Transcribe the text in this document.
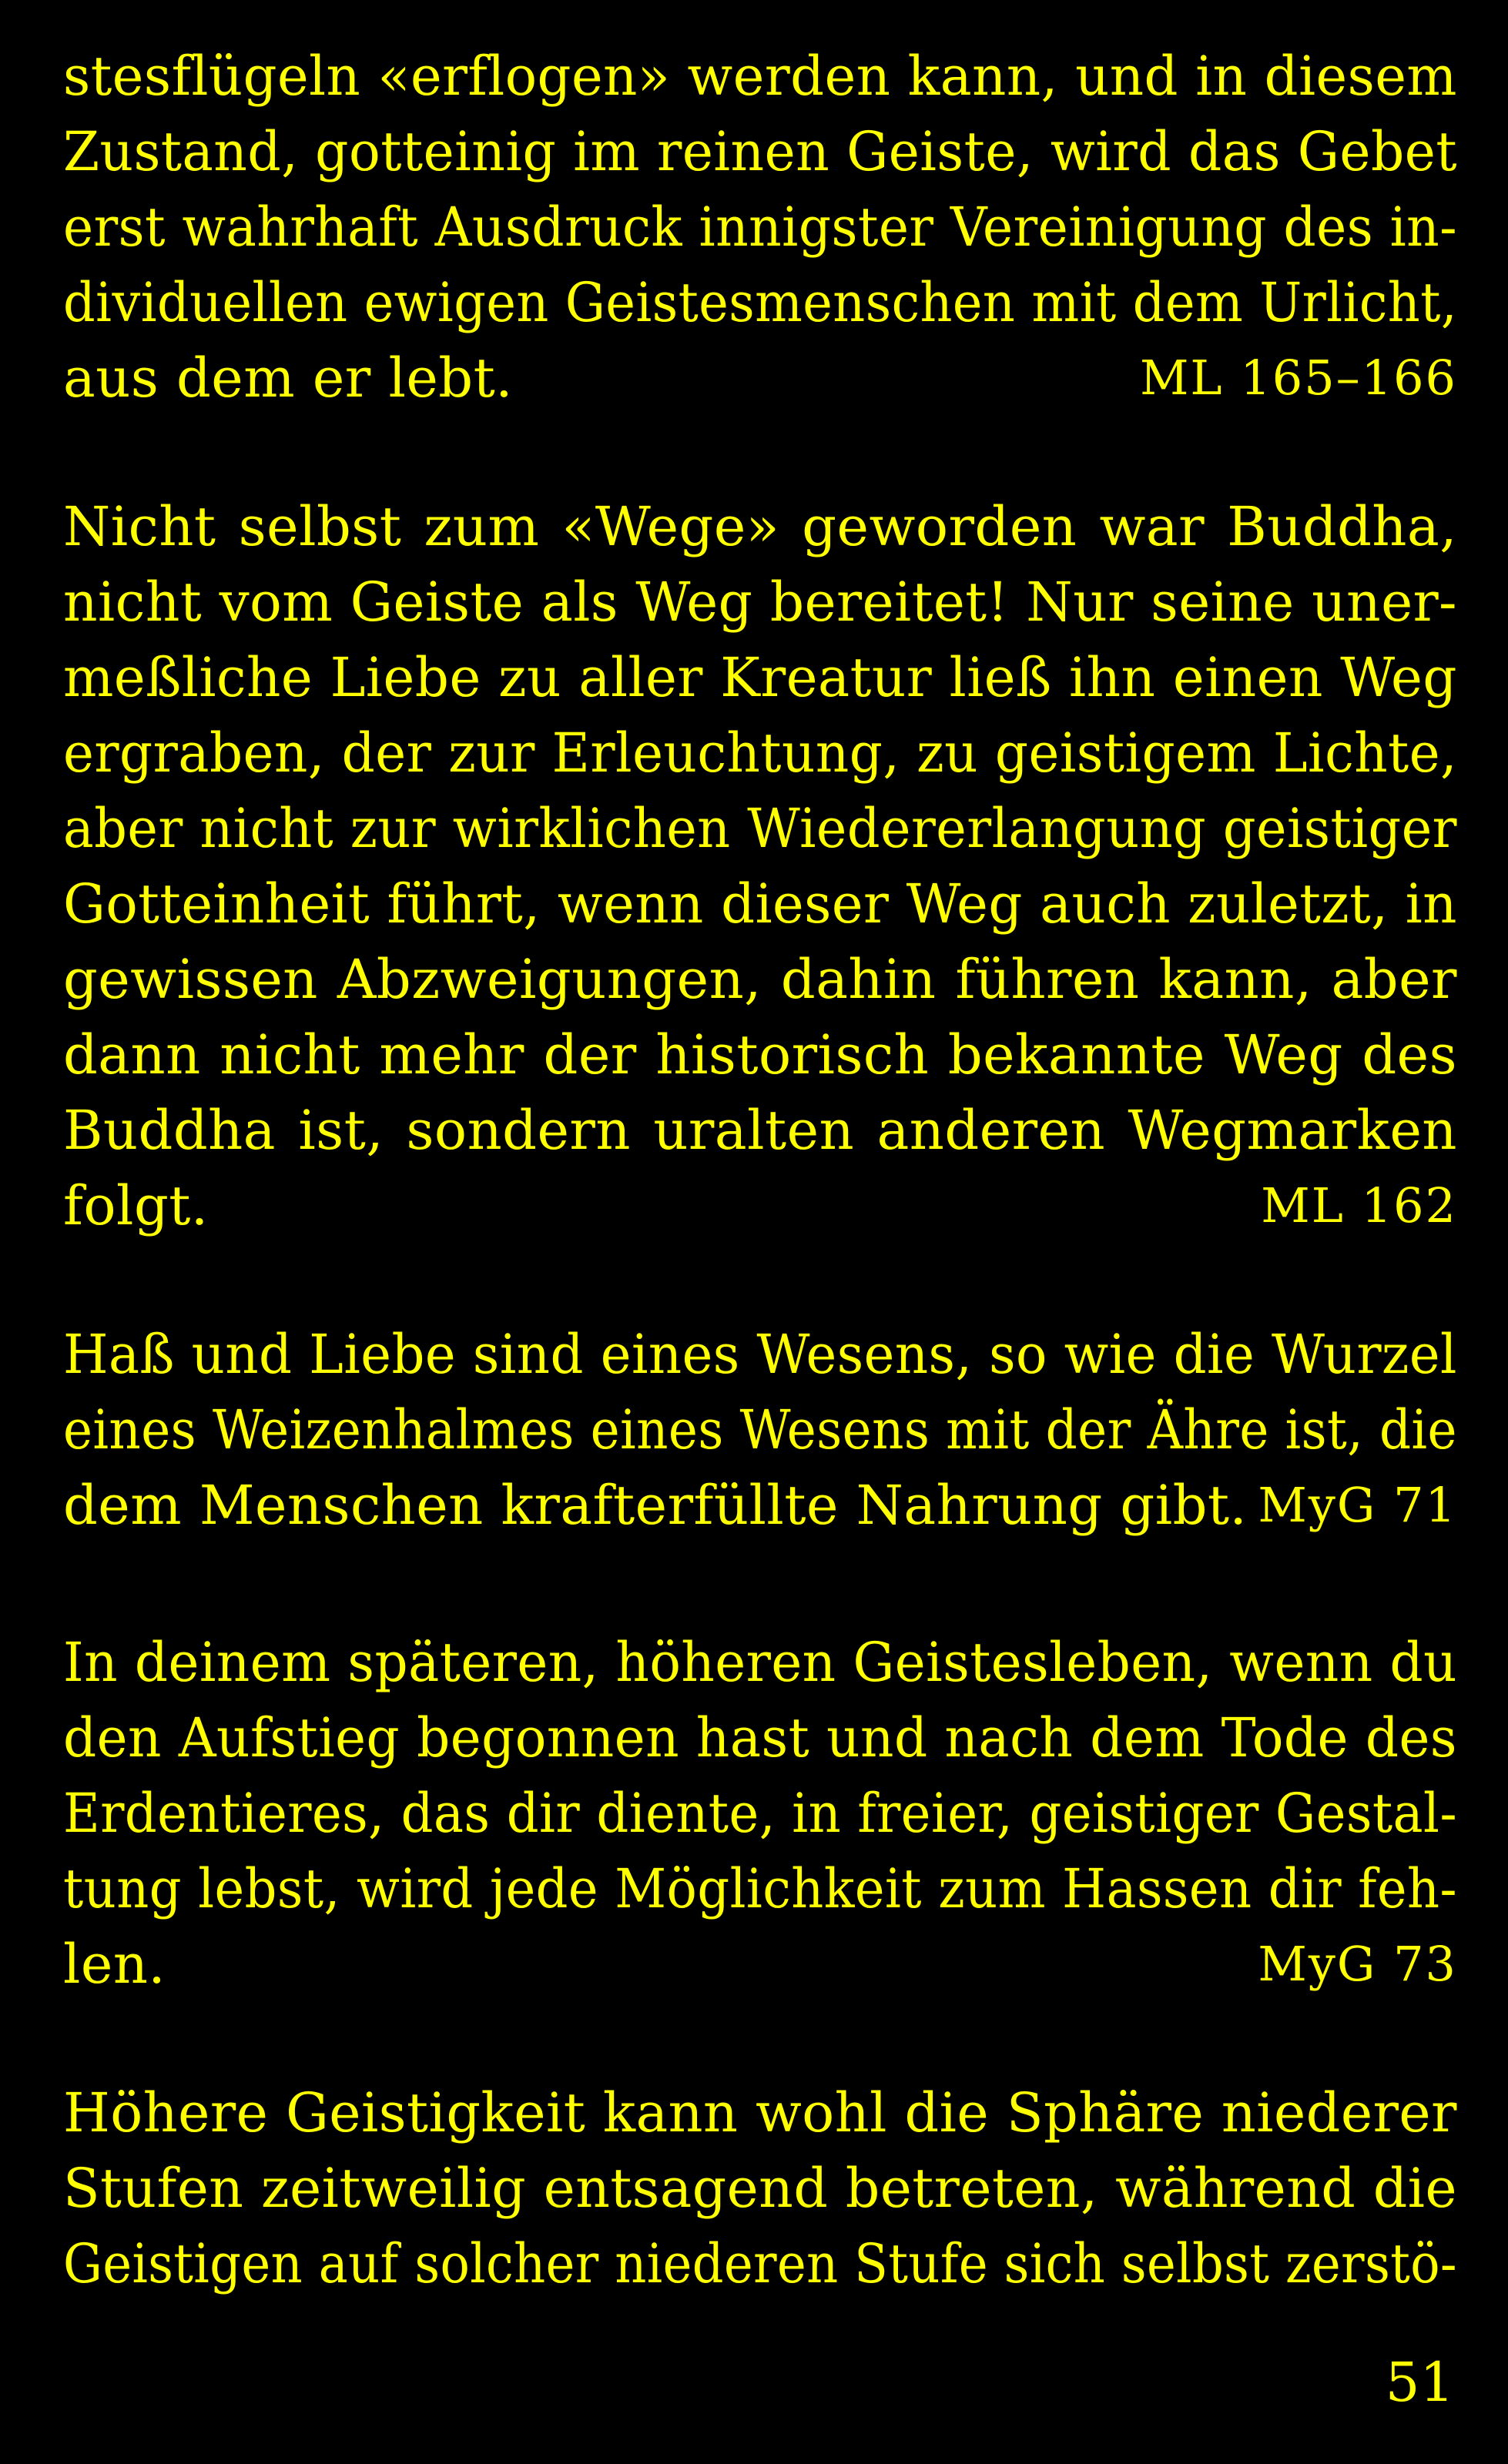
stesflügeln «erflogen» werden kann, und in diesem
Zustand, gotteinig im reinen Geiste, wird das Gebet
erst wahrhaft Ausdruck innigster Vereinigung des in-
dividuellen ewigen Geistesmenschen mit dem Urlicht,
aus dem er lebt.	ML 165–166
Nicht selbst zum «Wege» geworden war Buddha,
nicht vom Geiste als Weg bereitet! Nur seine uner-
meßliche Liebe zu aller Kreatur ließ ihn einen Weg
ergraben, der zur Erleuchtung, zu geistigem Lichte,
aber nicht zur wirklichen Wiedererlangung geistiger
Gotteinheit führt, wenn dieser Weg auch zuletzt, in
gewissen Abzweigungen, dahin führen kann, aber
dann nicht mehr der historisch bekannte Weg des
Buddha ist, sondern uralten anderen Wegmarken
folgt.	ML 162
Haß und Liebe sind eines Wesens, so wie die Wurzel
eines Weizenhalmes eines Wesens mit der Ähre ist, die
dem Menschen krafterfüllte Nahrung gibt. MyG 71
In deinem späteren, höheren Geistesleben, wenn du
den Aufstieg begonnen hast und nach dem Tode des
Erdentieres, das dir diente, in freier, geistiger Gestal-
tung lebst, wird jede Möglichkeit zum Hassen dir feh-
len.	MyG 73
Höhere Geistigkeit kann wohl die Sphäre niederer
Stufen zeitweilig entsagend betreten, während die
Geistigen auf solcher niederen Stufe sich selbst zerstö-
51
